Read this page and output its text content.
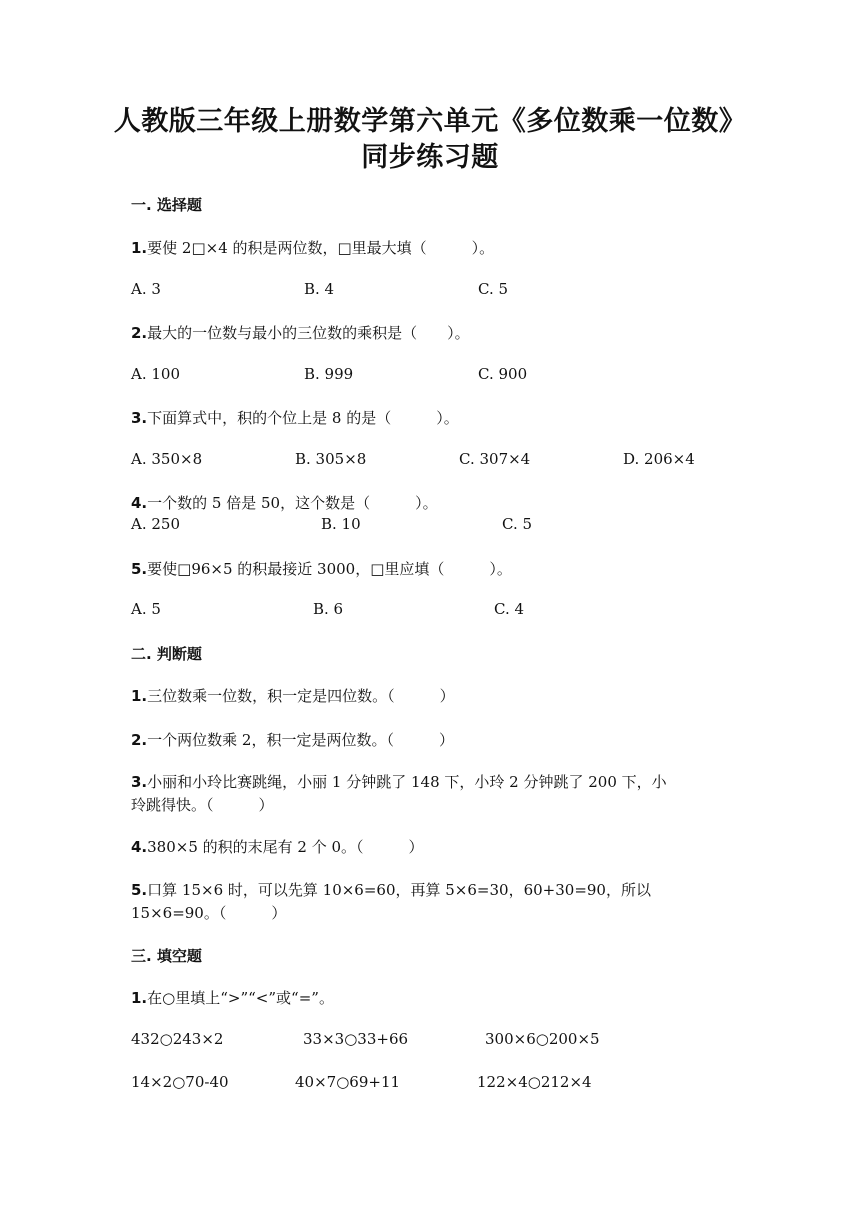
人教版三年级上册数学第六单元《多位数乘一位数》
同步练习题
一. 选择题
1.要使 2□×4 的积是两位数，□里最大填（　　　）。
A. 3	B. 4	C. 5
2.最大的一位数与最小的三位数的乘积是（　　）。
A. 100	B. 999	C. 900
3.下面算式中，积的个位上是 8 的是（　　　）。
A. 350×8	B. 305×8	C. 307×4	D. 206×4
4.一个数的 5 倍是 50，这个数是（　　　）。
A. 250	B. 10	C. 5
5.要使□96×5 的积最接近 3000，□里应填（　　　）。
A. 5	B. 6	C. 4
二. 判断题
1.三位数乘一位数，积一定是四位数。（　　　）
2.一个两位数乘 2，积一定是两位数。（　　　）
3.小丽和小玲比赛跳绳，小丽 1 分钟跳了 148 下，小玲 2 分钟跳了 200 下，小
玲跳得快。（　　　）
4.380×5 的积的末尾有 2 个 0。（　　　）
5.口算 15×6 时，可以先算 10×6=60，再算 5×6=30，60+30=90，所以
15×6=90。（　　　）
三. 填空题
1.在○里填上“>”“<”或“=”。
432○243×2	33×3○33+66	300×6○200×5
14×2○70-40	40×7○69+11	122×4○212×4
